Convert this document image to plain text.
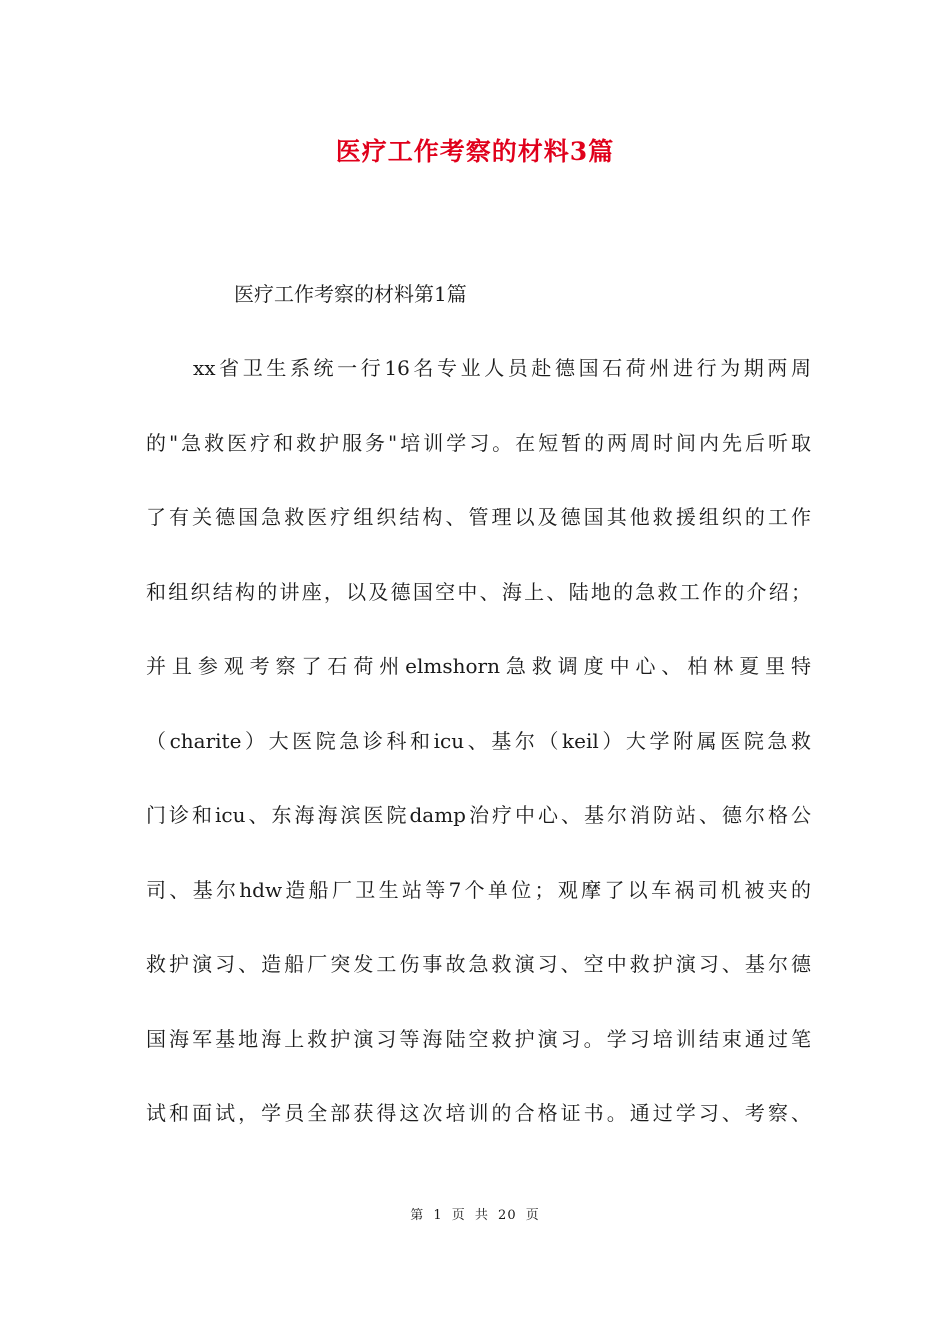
医疗工作考察的材料3篇
医疗工作考察的材料第1篇
xx省卫生系统一行16名专业人员赴德国石荷州进行为期两周
的"急救医疗和救护服务"培训学习。在短暂的两周时间内先后听取
了有关德国急救医疗组织结构、管理以及德国其他救援组织的工作
和组织结构的讲座，以及德国空中、海上、陆地的急救工作的介绍；
并且参观考察了石荷州elmshorn急救调度中心、柏林夏里特
（charite）大医院急诊科和icu、基尔（keil）大学附属医院急救
门诊和icu、东海海滨医院damp治疗中心、基尔消防站、德尔格公
司、基尔hdw造船厂卫生站等7个单位；观摩了以车祸司机被夹的
救护演习、造船厂突发工伤事故急救演习、空中救护演习、基尔德
国海军基地海上救护演习等海陆空救护演习。学习培训结束通过笔
试和面试，学员全部获得这次培训的合格证书。通过学习、考察、
第 1 页 共 20 页
